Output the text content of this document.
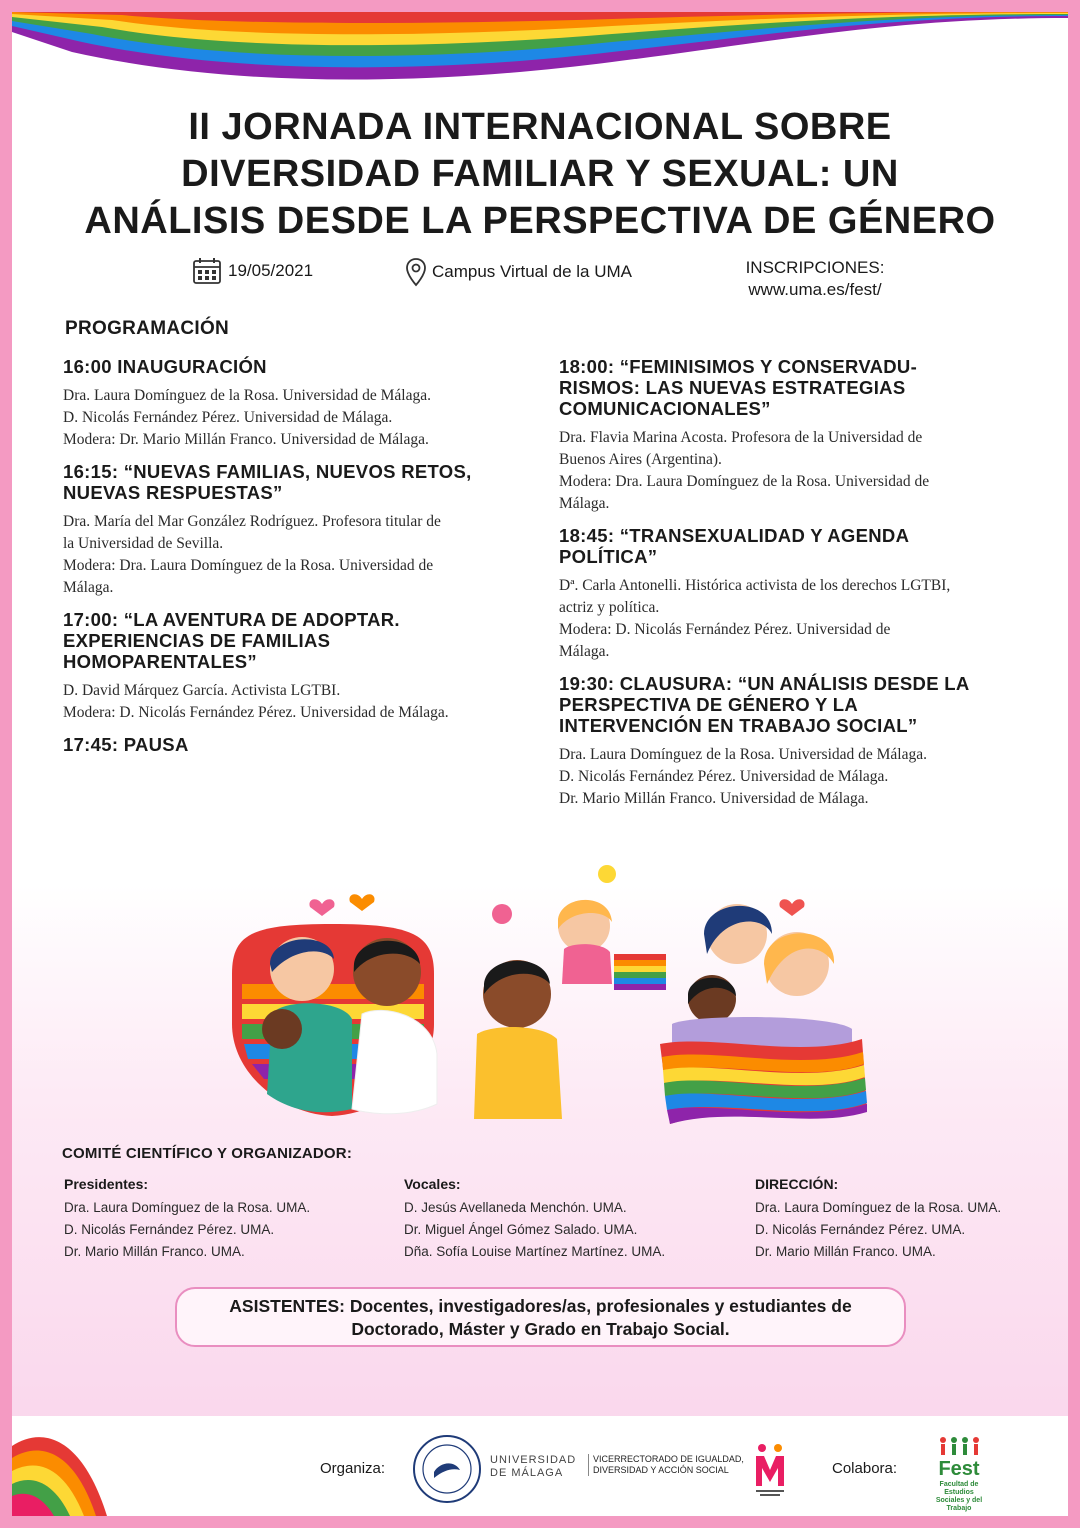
II JORNADA INTERNACIONAL SOBRE
DIVERSIDAD FAMILIAR Y SEXUAL: UN
ANÁLISIS DESDE LA PERSPECTIVA DE GÉNERO
19/05/2021	Campus Virtual de la UMA	INSCRIPCIONES:
www.uma.es/fest/
PROGRAMACIÓN
16:00 INAUGURACIÓN

Dra. Laura Domínguez de la Rosa. Universidad de Málaga.
D. Nicolás Fernández Pérez. Universidad de Málaga.
Modera: Dr. Mario Millán Franco. Universidad de Málaga.

16:15: “NUEVAS FAMILIAS, NUEVOS RETOS, NUEVAS RESPUESTAS”

Dra. María del Mar González Rodríguez. Profesora titular de
la Universidad de Sevilla.
Modera: Dra. Laura Domínguez de la Rosa. Universidad de
Málaga.

17:00: “LA AVENTURA DE ADOPTAR. EXPERIENCIAS DE FAMILIAS HOMOPARENTALES”

D. David Márquez García. Activista LGTBI.
Modera: D. Nicolás Fernández Pérez. Universidad de Málaga.

17:45: PAUSA
18:00: “FEMINISIMOS Y CONSERVADU-RISMOS: LAS NUEVAS ESTRATEGIAS COMUNICACIONALES”

Dra. Flavia Marina Acosta. Profesora de la Universidad de
Buenos Aires (Argentina).
Modera: Dra. Laura Domínguez de la Rosa. Universidad de
Málaga.

18:45: “TRANSEXUALIDAD Y AGENDA POLÍTICA”

Dª. Carla Antonelli. Histórica activista de los derechos LGTBI,
actriz y política.
Modera: D. Nicolás Fernández Pérez. Universidad de
Málaga.

19:30: CLAUSURA: “UN ANÁLISIS DESDE LA PERSPECTIVA DE GÉNERO Y LA INTERVENCIÓN EN TRABAJO SOCIAL”

Dra. Laura Domínguez de la Rosa. Universidad de Málaga.
D. Nicolás Fernández Pérez. Universidad de Málaga.
Dr. Mario Millán Franco. Universidad de Málaga.

COMITÉ CIENTÍFICO Y ORGANIZADOR:
Presidentes:
Dra. Laura Domínguez de la Rosa. UMA.
D. Nicolás Fernández Pérez. UMA.
Dr. Mario Millán Franco. UMA.
Vocales:
D. Jesús Avellaneda Menchón. UMA.
Dr. Miguel Ángel Gómez Salado. UMA.
Dña. Sofía Louise Martínez Martínez. UMA.
DIRECCIÓN:
Dra. Laura Domínguez de la Rosa. UMA.
D. Nicolás Fernández Pérez. UMA.
Dr. Mario Millán Franco. UMA.
ASISTENTES: Docentes, investigadores/as, profesionales y estudiantes de
Doctorado, Máster y Grado en Trabajo Social.
Organiza:	UNIVERSIDAD
DE MÁLAGA
VICERRECTORADO DE IGUALDAD,
DIVERSIDAD Y ACCIÓN SOCIAL	Colabora:	Fest
Facultad de Estudios
Sociales y del Trabajo
